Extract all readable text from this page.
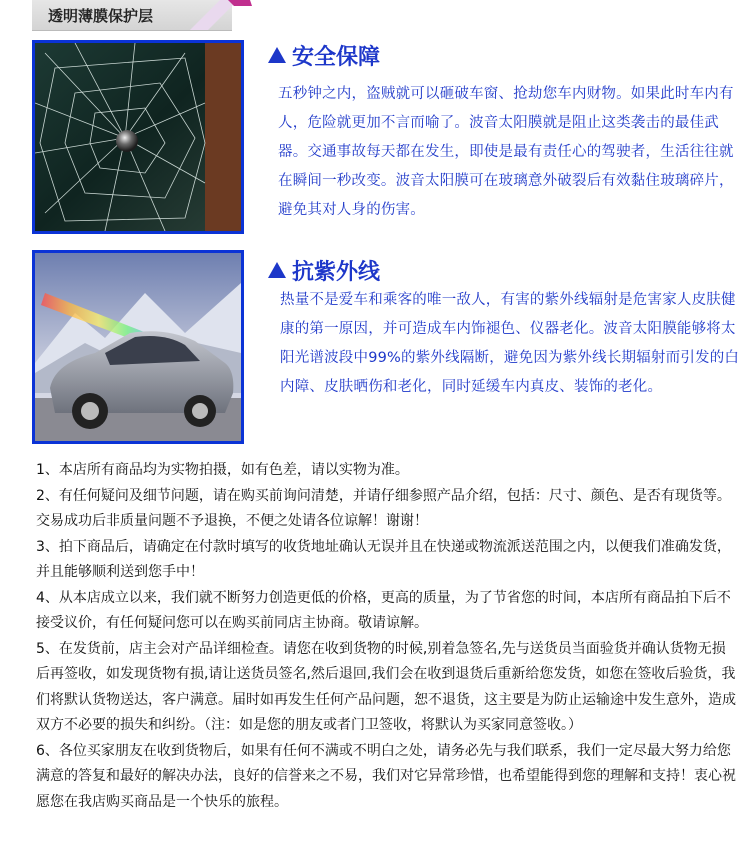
透明薄膜保护层
安全保障
五秒钟之内，盗贼就可以砸破车窗、抢劫您车内财物。如果此时车内有人，危险就更加不言而喻了。波音太阳膜就是阻止这类袭击的最佳武器。交通事故每天都在发生，即使是最有责任心的驾驶者，生活往往就在瞬间一秒改变。波音太阳膜可在玻璃意外破裂后有效黏住玻璃碎片，避免其对人身的伤害。
抗紫外线
热量不是爱车和乘客的唯一敌人，有害的紫外线辐射是危害家人皮肤健康的第一原因，并可造成车内饰褪色、仪器老化。波音太阳膜能够将太阳光谱波段中99%的紫外线隔断，避免因为紫外线长期辐射而引发的白内障、皮肤晒伤和老化，同时延缓车内真皮、装饰的老化。

1、本店所有商品均为实物拍摄，如有色差，请以实物为准。

2、有任何疑问及细节问题，请在购买前询问清楚，并请仔细参照产品介绍，包括：尺寸、颜色、是否有现货等。交易成功后非质量问题不予退换，不便之处请各位谅解！谢谢！

3、拍下商品后，请确定在付款时填写的收货地址确认无误并且在快递或物流派送范围之内，以便我们准确发货，并且能够顺利送到您手中！

4、从本店成立以来，我们就不断努力创造更低的价格，更高的质量，为了节省您的时间，本店所有商品拍下后不接受议价，有任何疑问您可以在购买前同店主协商。敬请谅解。

5、在发货前，店主会对产品详细检查。请您在收到货物的时候,别着急签名,先与送货员当面验货并确认货物无损后再签收，如发现货物有损,请让送货员签名,然后退回,我们会在收到退货后重新给您发货，如您在签收后验货，我们将默认货物送达，客户满意。届时如再发生任何产品问题，恕不退货，这主要是为防止运输途中发生意外，造成双方不必要的损失和纠纷。（注：如是您的朋友或者门卫签收，将默认为买家同意签收。）

6、各位买家朋友在收到货物后，如果有任何不满或不明白之处，请务必先与我们联系，我们一定尽最大努力给您满意的答复和最好的解决办法，良好的信誉来之不易，我们对它异常珍惜，也希望能得到您的理解和支持！衷心祝愿您在我店购买商品是一个快乐的旅程。
